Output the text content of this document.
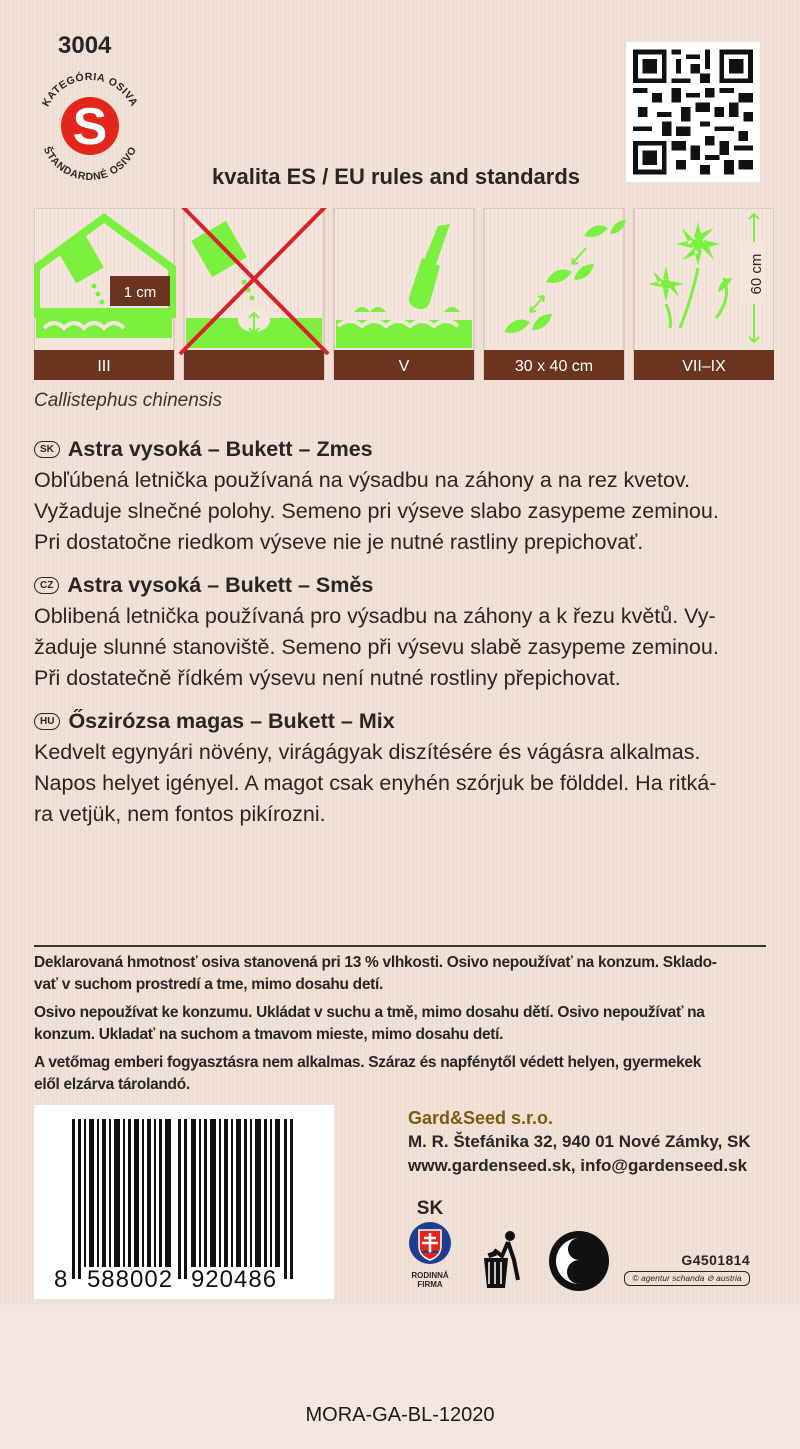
3004
KATEGÓRIA OSIVA
ŠTANDARDNÉ OSIVO
S
kvalita ES / EU rules and standards
1 cm
III	V	30 x 40 cm
60 cm
VII–IX
Callistephus chinensis
SK Astra vysoká – Bukett – Zmes
Obľúbená letnička používaná na výsadbu na záhony a na rez kvetov.
Vyžaduje slnečné polohy. Semeno pri výseve slabo zasypeme zeminou.
Pri dostatočne riedkom výseve nie je nutné rastliny prepichovať.
CZ Astra vysoká – Bukett – Směs
Oblibená letnička používaná pro výsadbu na záhony a k řezu květů. Vy-
žaduje slunné stanoviště. Semeno při výsevu slabě zasypeme zeminou.
Při dostatečně řídkém výsevu není nutné rostliny přepichovat.
HU Őszirózsa magas – Bukett – Mix
Kedvelt egynyári növény, virágágyak diszítésére és vágásra alkalmas.
Napos helyet igényel. A magot csak enyhén szórjuk be földdel. Ha ritká-
ra vetjük, nem fontos pikírozni.
Deklarovaná hmotnosť osiva stanovená pri 13 % vlhkosti. Osivo nepoužívať na konzum. Sklado-
vať v suchom prostredí a tme, mimo dosahu detí.
Osivo nepoužívat ke konzumu. Ukládat v suchu a tmě, mimo dosahu dětí. Osivo nepoužívať na
konzum. Ukladať na suchom a tmavom mieste, mimo dosahu detí.
A vetőmag emberi fogyasztásra nem alkalmas. Száraz és napfénytől védett helyen, gyermekek
elől elzárva tárolandó.
8 588002 920486
Gard&Seed s.r.o.
M. R. Štefánika 32, 940 01 Nové Zámky, SK
www.gardenseed.sk, info@gardenseed.sk
SK
RODINNÁ
FIRMA
G4501814
© agentur schanda ⊘ austria
MORA-GA-BL-12020
